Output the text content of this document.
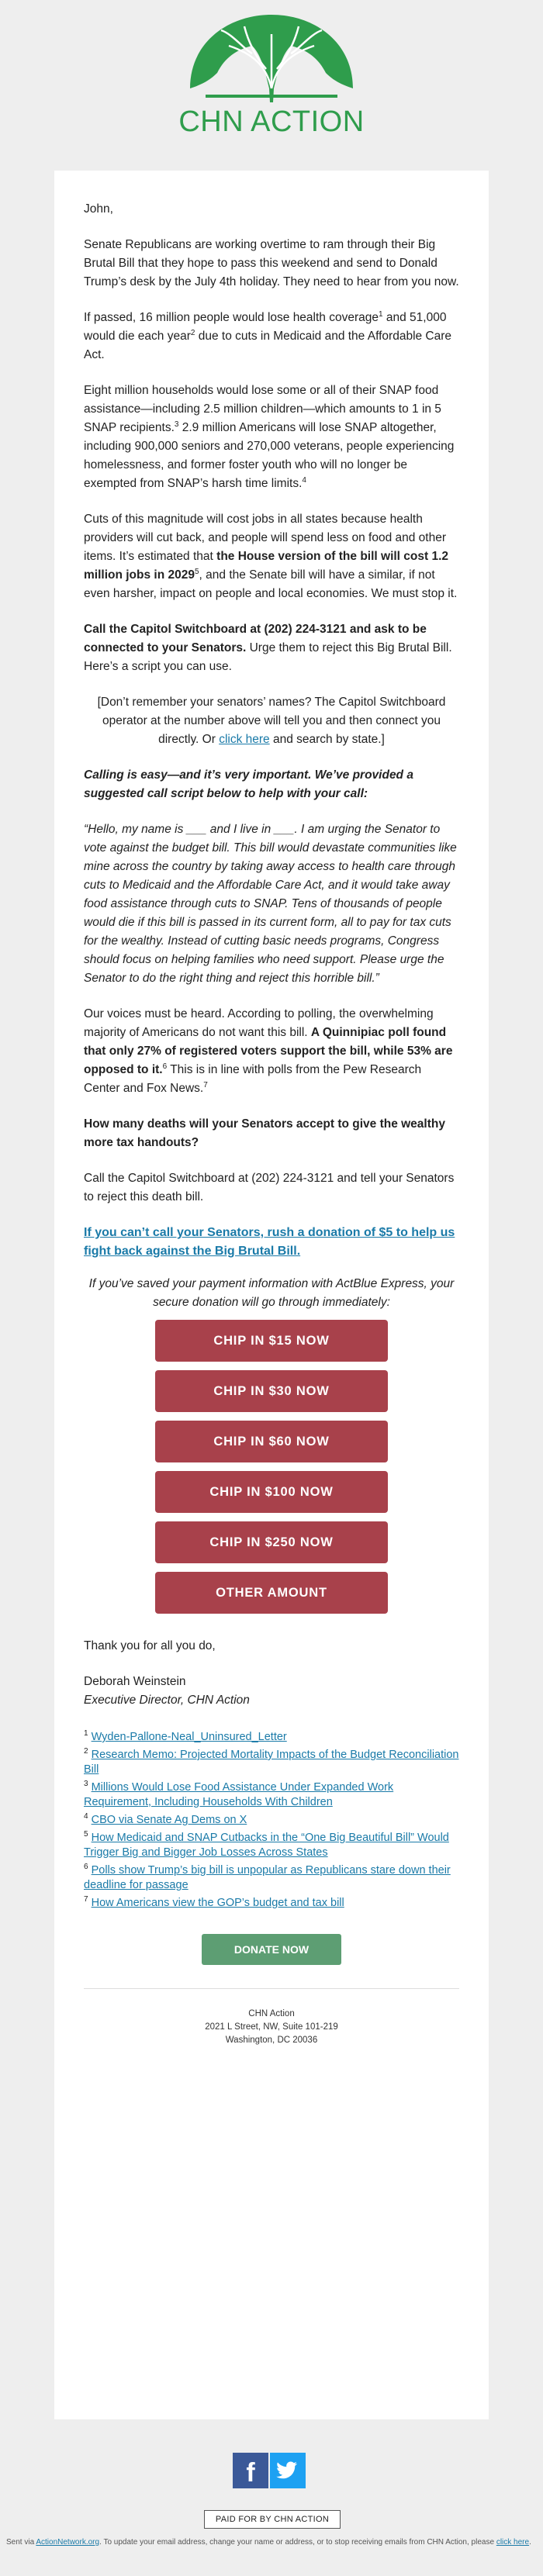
CHN ACTION

John,

Senate Republicans are working overtime to ram through their Big Brutal Bill that they hope to pass this weekend and send to Donald Trump’s desk by the July 4th holiday. They need to hear from you now.

If passed, 16 million people would lose health coverage$^1$ and 51,000 would die each year$^2$ due to cuts in Medicaid and the Affordable Care Act.

Eight million households would lose some or all of their SNAP food assistance—including 2.5 million children—which amounts to 1 in 5 SNAP recipients.$^3$ 2.9 million Americans will lose SNAP altogether, including 900,000 seniors and 270,000 veterans, people experiencing homelessness, and former foster youth who will no longer be exempted from SNAP’s harsh time limits.$^4$

Cuts of this magnitude will cost jobs in all states because health providers will cut back, and people will spend less on food and other items. It’s estimated that the House version of the bill will cost 1.2 million jobs in 2029$^5$, and the Senate bill will have a similar, if not even harsher, impact on people and local economies. We must stop it.

Call the Capitol Switchboard at (202) 224-3121 and ask to be connected to your Senators. Urge them to reject this Big Brutal Bill. Here’s a script you can use.

[Don’t remember your senators’ names? The Capitol Switchboard operator at the number above will tell you and then connect you directly. Or click here and search by state.]

Calling is easy—and it’s very important. We’ve provided a suggested call script below to help with your call:

“Hello, my name is ___ and I live in ___. I am urging the Senator to vote against the budget bill. This bill would devastate communities like mine across the country by taking away access to health care through cuts to Medicaid and the Affordable Care Act, and it would take away food assistance through cuts to SNAP. Tens of thousands of people would die if this bill is passed in its current form, all to pay for tax cuts for the wealthy. Instead of cutting basic needs programs, Congress should focus on helping families who need support. Please urge the Senator to do the right thing and reject this horrible bill.”

Our voices must be heard. According to polling, the overwhelming majority of Americans do not want this bill. A Quinnipiac poll found that only 27% of registered voters support the bill, while 53% are opposed to it.$^6$ This is in line with polls from the Pew Research Center and Fox News.$^7$

How many deaths will your Senators accept to give the wealthy more tax handouts?

Call the Capitol Switchboard at (202) 224-3121 and tell your Senators to reject this death bill.

If you can’t call your Senators, rush a donation of $5 to help us fight back against the Big Brutal Bill.

If you’ve saved your payment information with ActBlue Express, your secure donation will go through immediately:

CHIP IN $15 NOW
CHIP IN $30 NOW
CHIP IN $60 NOW
CHIP IN $100 NOW
CHIP IN $250 NOW
OTHER AMOUNT

Thank you for all you do,

Deborah Weinstein
Executive Director, CHN Action
$^1$ Wyden-Pallone-Neal_Uninsured_Letter
$^2$ Research Memo: Projected Mortality Impacts of the Budget Reconciliation Bill
$^3$ Millions Would Lose Food Assistance Under Expanded Work Requirement, Including Households With Children
$^4$ CBO via Senate Ag Dems on X
$^5$ How Medicaid and SNAP Cutbacks in the “One Big Beautiful Bill” Would Trigger Big and Bigger Job Losses Across States
$^6$ Polls show Trump’s big bill is unpopular as Republicans stare down their deadline for passage
$^7$ How Americans view the GOP’s budget and tax bill
DONATE NOW
CHN Action
2021 L Street, NW, Suite 101-219
Washington, DC 20036
f
PAID FOR BY CHN ACTION
Sent via ActionNetwork.org. To update your email address, change your name or address, or to stop receiving emails from CHN Action, please click here.
